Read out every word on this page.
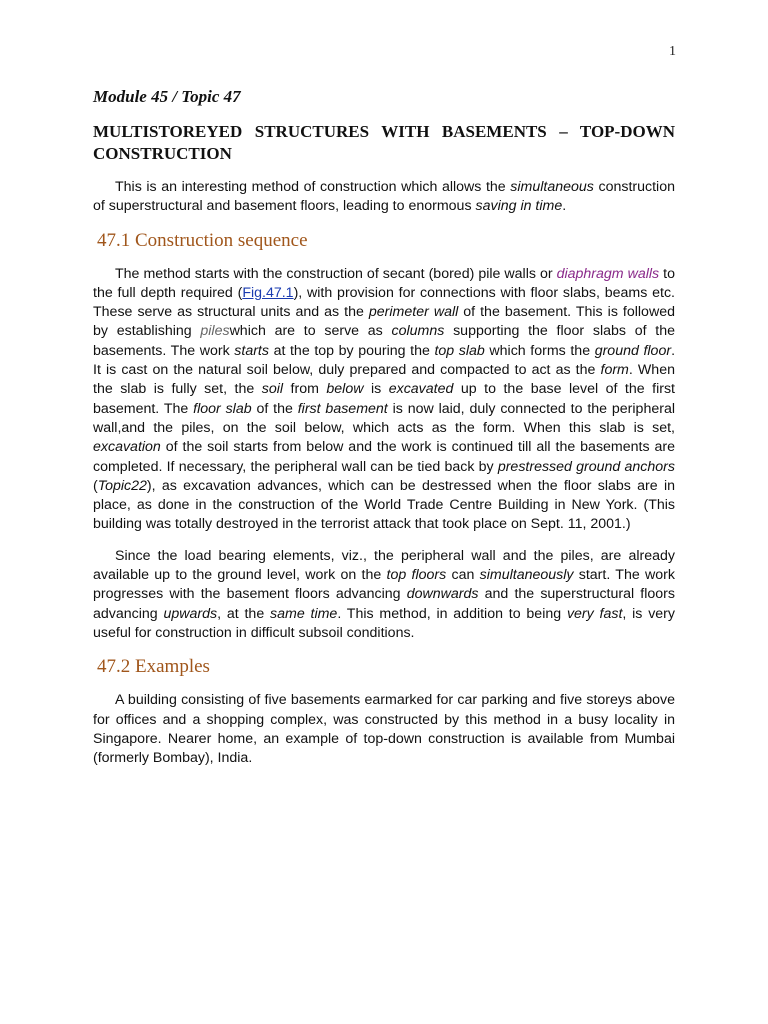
1
Module 45 / Topic 47
MULTISTOREYED STRUCTURES WITH BASEMENTS – TOP-DOWN CONSTRUCTION

This is an interesting method of construction which allows the simultaneous construction of superstructural and basement floors, leading to enormous saving in time.

47.1 Construction sequence

The method starts with the construction of secant (bored) pile walls or diaphragm walls to the full depth required (Fig.47.1), with provision for connections with floor slabs, beams etc. These serve as structural units and as the perimeter wall of the basement. This is followed by establishing pileswhich are to serve as columns supporting the floor slabs of the basements. The work starts at the top by pouring the top slab which forms the ground floor. It is cast on the natural soil below, duly prepared and compacted to act as the form. When the slab is fully set, the soil from below is excavated up to the base level of the first basement. The floor slab of the first basement is now laid, duly connected to the peripheral wall,and the piles, on the soil below, which acts as the form. When this slab is set, excavation of the soil starts from below and the work is continued till all the basements are completed. If necessary, the peripheral wall can be tied back by prestressed ground anchors (Topic22), as excavation advances, which can be destressed when the floor slabs are in place, as done in the construction of the World Trade Centre Building in New York. (This building was totally destroyed in the terrorist attack that took place on Sept. 11, 2001.)

Since the load bearing elements, viz., the peripheral wall and the piles, are already available up to the ground level, work on the top floors can simultaneously start. The work progresses with the basement floors advancing downwards and the superstructural floors advancing upwards, at the same time. This method, in addition to being very fast, is very useful for construction in difficult subsoil conditions.

47.2 Examples

A building consisting of five basements earmarked for car parking and five storeys above for offices and a shopping complex, was constructed by this method in a busy locality in Singapore. Nearer home, an example of top-down construction is available from Mumbai (formerly Bombay), India.
